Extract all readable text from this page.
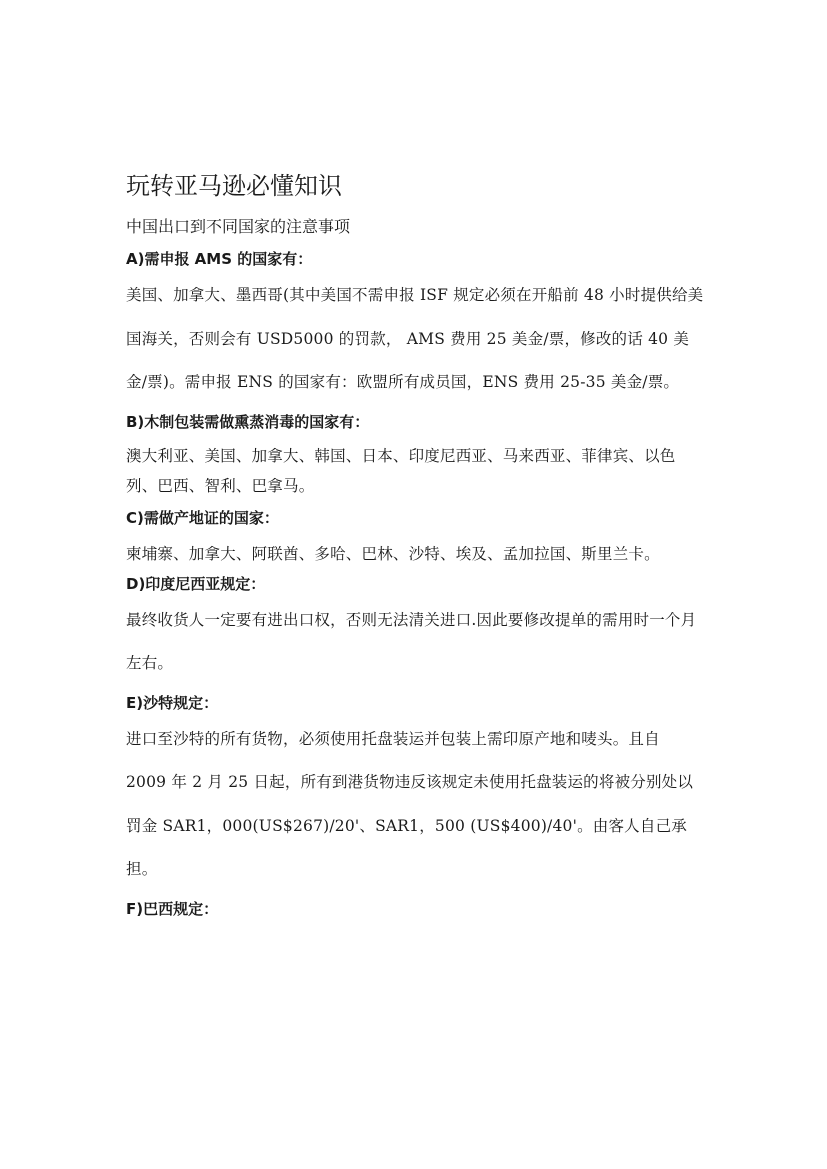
玩转亚马逊必懂知识

中国出口到不同国家的注意事项

A)需申报 AMS 的国家有：

美国、加拿大、墨西哥(其中美国不需申报 ISF 规定必须在开船前 48 小时提供给美国海关，否则会有 USD5000 的罚款， AMS 费用 25 美金/票，修改的话 40 美金/票)。需申报 ENS 的国家有：欧盟所有成员国，ENS 费用 25-35 美金/票。

B)木制包装需做熏蒸消毒的国家有：

澳大利亚、美国、加拿大、韩国、日本、印度尼西亚、马来西亚、菲律宾、以色列、巴西、智利、巴拿马。

C)需做产地证的国家：

柬埔寨、加拿大、阿联酋、多哈、巴林、沙特、埃及、孟加拉国、斯里兰卡。

D)印度尼西亚规定：

最终收货人一定要有进出口权，否则无法清关进口.因此要修改提单的需用时一个月左右。

E)沙特规定：

进口至沙特的所有货物，必须使用托盘装运并包装上需印原产地和唛头。且自 2009 年 2 月 25 日起，所有到港货物违反该规定未使用托盘装运的将被分别处以罚金 SAR1，000(US$267)/20'、SAR1，500 (US$400)/40'。由客人自己承担。

F)巴西规定：
